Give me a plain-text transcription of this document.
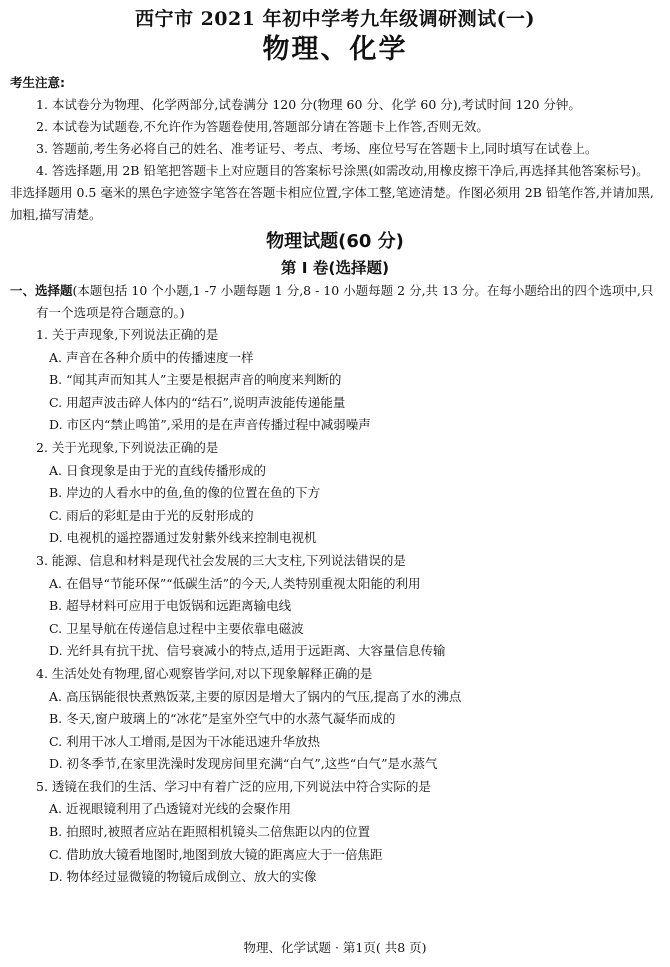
西宁市 2021 年初中学考九年级调研测试(一)
物理、化学
考生注意:

1. 本试卷分为物理、化学两部分,试卷满分 120 分(物理 60 分、化学 60 分),考试时间 120 分钟。

2. 本试卷为试题卷,不允许作为答题卷使用,答题部分请在答题卡上作答,否则无效。

3. 答题前,考生务必将自己的姓名、准考证号、考点、考场、座位号写在答题卡上,同时填写在试卷上。

4. 答选择题,用 2B 铅笔把答题卡上对应题目的答案标号涂黑(如需改动,用橡皮擦干净后,再选择其他答案标号)。非选择题用 0.5 毫米的黑色字迹签字笔答在答题卡相应位置,字体工整,笔迹清楚。作图必须用 2B 铅笔作答,并请加黑,加粗,描写清楚。

物理试题(60 分)
第 Ⅰ 卷(选择题)

一、选择题(本题包括 10 个小题,1 -7 小题每题 1 分,8 - 10 小题每题 2 分,共 13 分。在每小题给出的四个选项中,只有一个选项是符合题意的。)

1. 关于声现象,下列说法正确的是

A. 声音在各种介质中的传播速度一样

B. “闻其声而知其人”主要是根据声音的响度来判断的

C. 用超声波击碎人体内的“结石”,说明声波能传递能量

D. 市区内“禁止鸣笛”,采用的是在声音传播过程中减弱噪声

2. 关于光现象,下列说法正确的是

A. 日食现象是由于光的直线传播形成的

B. 岸边的人看水中的鱼,鱼的像的位置在鱼的下方

C. 雨后的彩虹是由于光的反射形成的

D. 电视机的遥控器通过发射紫外线来控制电视机

3. 能源、信息和材料是现代社会发展的三大支柱,下列说法错误的是

A. 在倡导“节能环保”“低碳生活”的今天,人类特别重视太阳能的利用

B. 超导材料可应用于电饭锅和远距离输电线

C. 卫星导航在传递信息过程中主要依靠电磁波

D. 光纤具有抗干扰、信号衰减小的特点,适用于远距离、大容量信息传输

4. 生活处处有物理,留心观察皆学问,对以下现象解释正确的是

A. 高压锅能很快煮熟饭菜,主要的原因是增大了锅内的气压,提高了水的沸点

B. 冬天,窗户玻璃上的“冰花”是室外空气中的水蒸气凝华而成的

C. 利用干冰人工增雨,是因为干冰能迅速升华放热

D. 初冬季节,在家里洗澡时发现房间里充满“白气”,这些“白气”是水蒸气

5. 透镜在我们的生活、学习中有着广泛的应用,下列说法中符合实际的是

A. 近视眼镜利用了凸透镜对光线的会聚作用

B. 拍照时,被照者应站在距照相机镜头二倍焦距以内的位置

C. 借助放大镜看地图时,地图到放大镜的距离应大于一倍焦距

D. 物体经过显微镜的物镜后成倒立、放大的实像

物理、化学试题 · 第1页( 共8 页)
